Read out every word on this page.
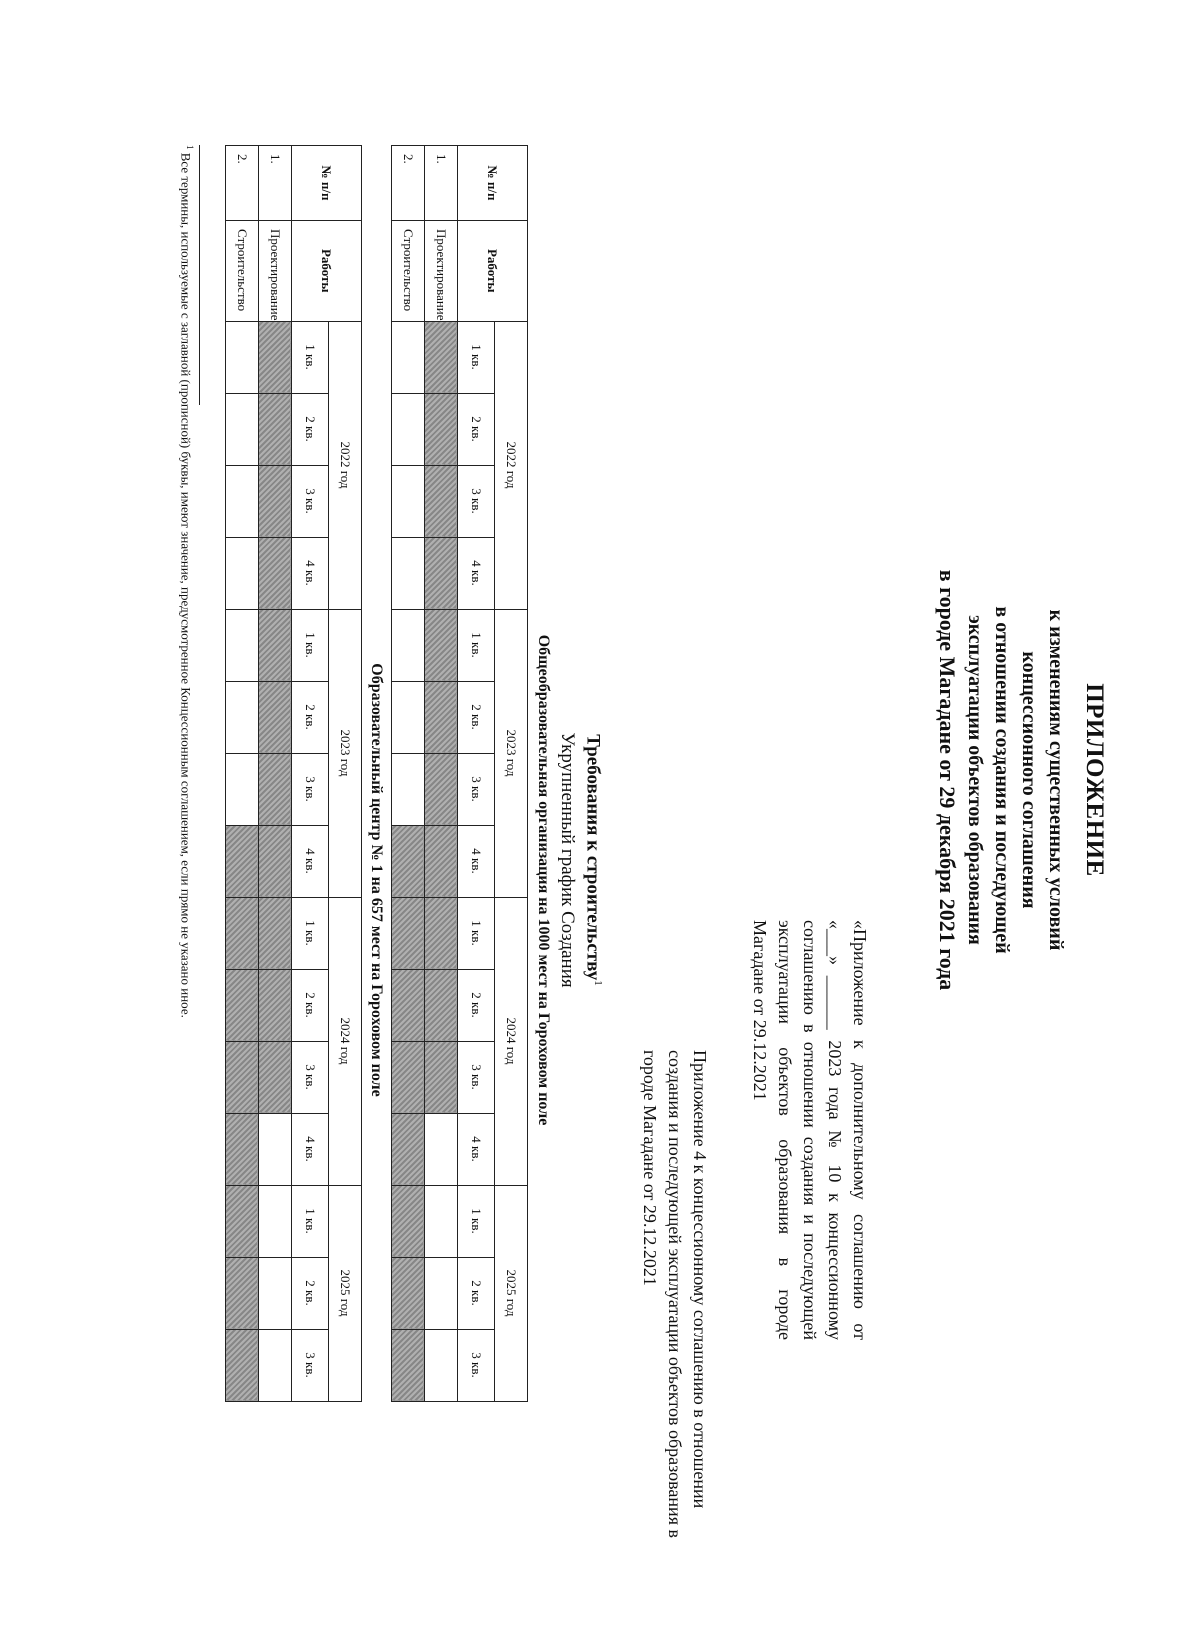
ПРИЛОЖЕНИЕ
к изменениям существенных условий
концессионного соглашения
в отношении создания и последующей
эксплуатации объектов образования
в городе Магадане от 29 декабря 2021 года
«Приложение к дополнительному соглашению от «___» ______ 2023 года № 10 к концессионному соглашению в отношении создания и последующей эксплуатации объектов образования в городе Магадане от 29.12.2021
Приложение 4 к концессионному соглашению в отношении создания и последующей эксплуатации объектов образования в городе Магадане от 29.12.2021
Требования к строительству$^1$
Укрупненный график Создания
Общеобразовательная организация на 1000 мест на Гороховом поле
№ п/п	Работы	2022 год				2023 год				2024 год				2025 год		
		1 кв.	2 кв.	3 кв.	4 кв.	1 кв.	2 кв.	3 кв.	4 кв.	1 кв.	2 кв.	3 кв.	4 кв.	1 кв.	2 кв.	3 кв.
1.	Проектирование															
2.	Строительство															
Образовательный центр № 1 на 657 мест на Гороховом поле
№ п/п	Работы	2022 год				2023 год				2024 год				2025 год		
		1 кв.	2 кв.	3 кв.	4 кв.	1 кв.	2 кв.	3 кв.	4 кв.	1 кв.	2 кв.	3 кв.	4 кв.	1 кв.	2 кв.	3 кв.
1.	Проектирование															
2.	Строительство															
$^1$ Все термины, используемые с заглавной (прописной) буквы, имеют значение, предусмотренное Концессионным соглашением, если прямо не указано иное.
